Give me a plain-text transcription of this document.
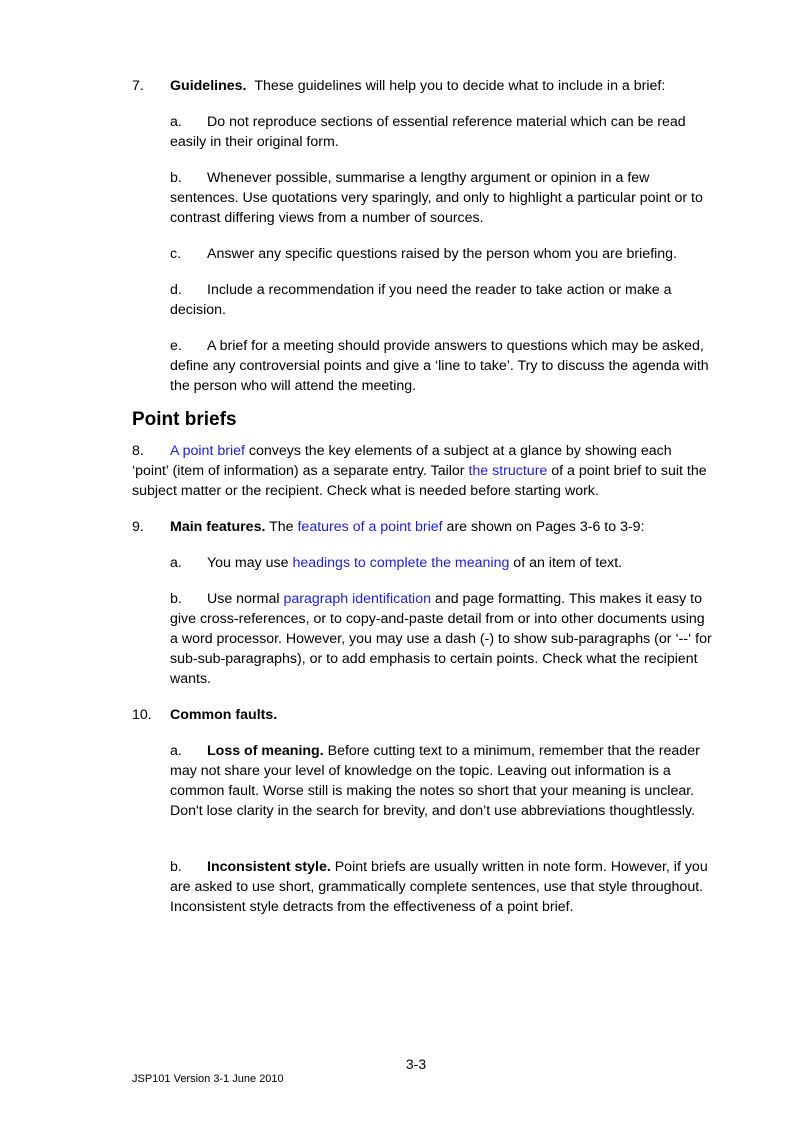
7. Guidelines. These guidelines will help you to decide what to include in a brief:
a. Do not reproduce sections of essential reference material which can be read easily in their original form.
b. Whenever possible, summarise a lengthy argument or opinion in a few sentences. Use quotations very sparingly, and only to highlight a particular point or to contrast differing views from a number of sources.
c. Answer any specific questions raised by the person whom you are briefing.
d. Include a recommendation if you need the reader to take action or make a decision.
e. A brief for a meeting should provide answers to questions which may be asked, define any controversial points and give a ‘line to take’. Try to discuss the agenda with the person who will attend the meeting.
Point briefs
8. A point brief conveys the key elements of a subject at a glance by showing each ‘point’ (item of information) as a separate entry. Tailor the structure of a point brief to suit the subject matter or the recipient. Check what is needed before starting work.
9. Main features. The features of a point brief are shown on Pages 3-6 to 3-9:
a. You may use headings to complete the meaning of an item of text.
b. Use normal paragraph identification and page formatting. This makes it easy to give cross-references, or to copy-and-paste detail from or into other documents using a word processor. However, you may use a dash (-) to show sub-paragraphs (or ‘--‘ for sub-sub-paragraphs), or to add emphasis to certain points. Check what the recipient wants.
10. Common faults.
a. Loss of meaning. Before cutting text to a minimum, remember that the reader may not share your level of knowledge on the topic. Leaving out information is a common fault. Worse still is making the notes so short that your meaning is unclear. Don't lose clarity in the search for brevity, and don’t use abbreviations thoughtlessly.
b. Inconsistent style. Point briefs are usually written in note form. However, if you are asked to use short, grammatically complete sentences, use that style throughout. Inconsistent style detracts from the effectiveness of a point brief.
3-3
JSP101 Version 3-1 June 2010
